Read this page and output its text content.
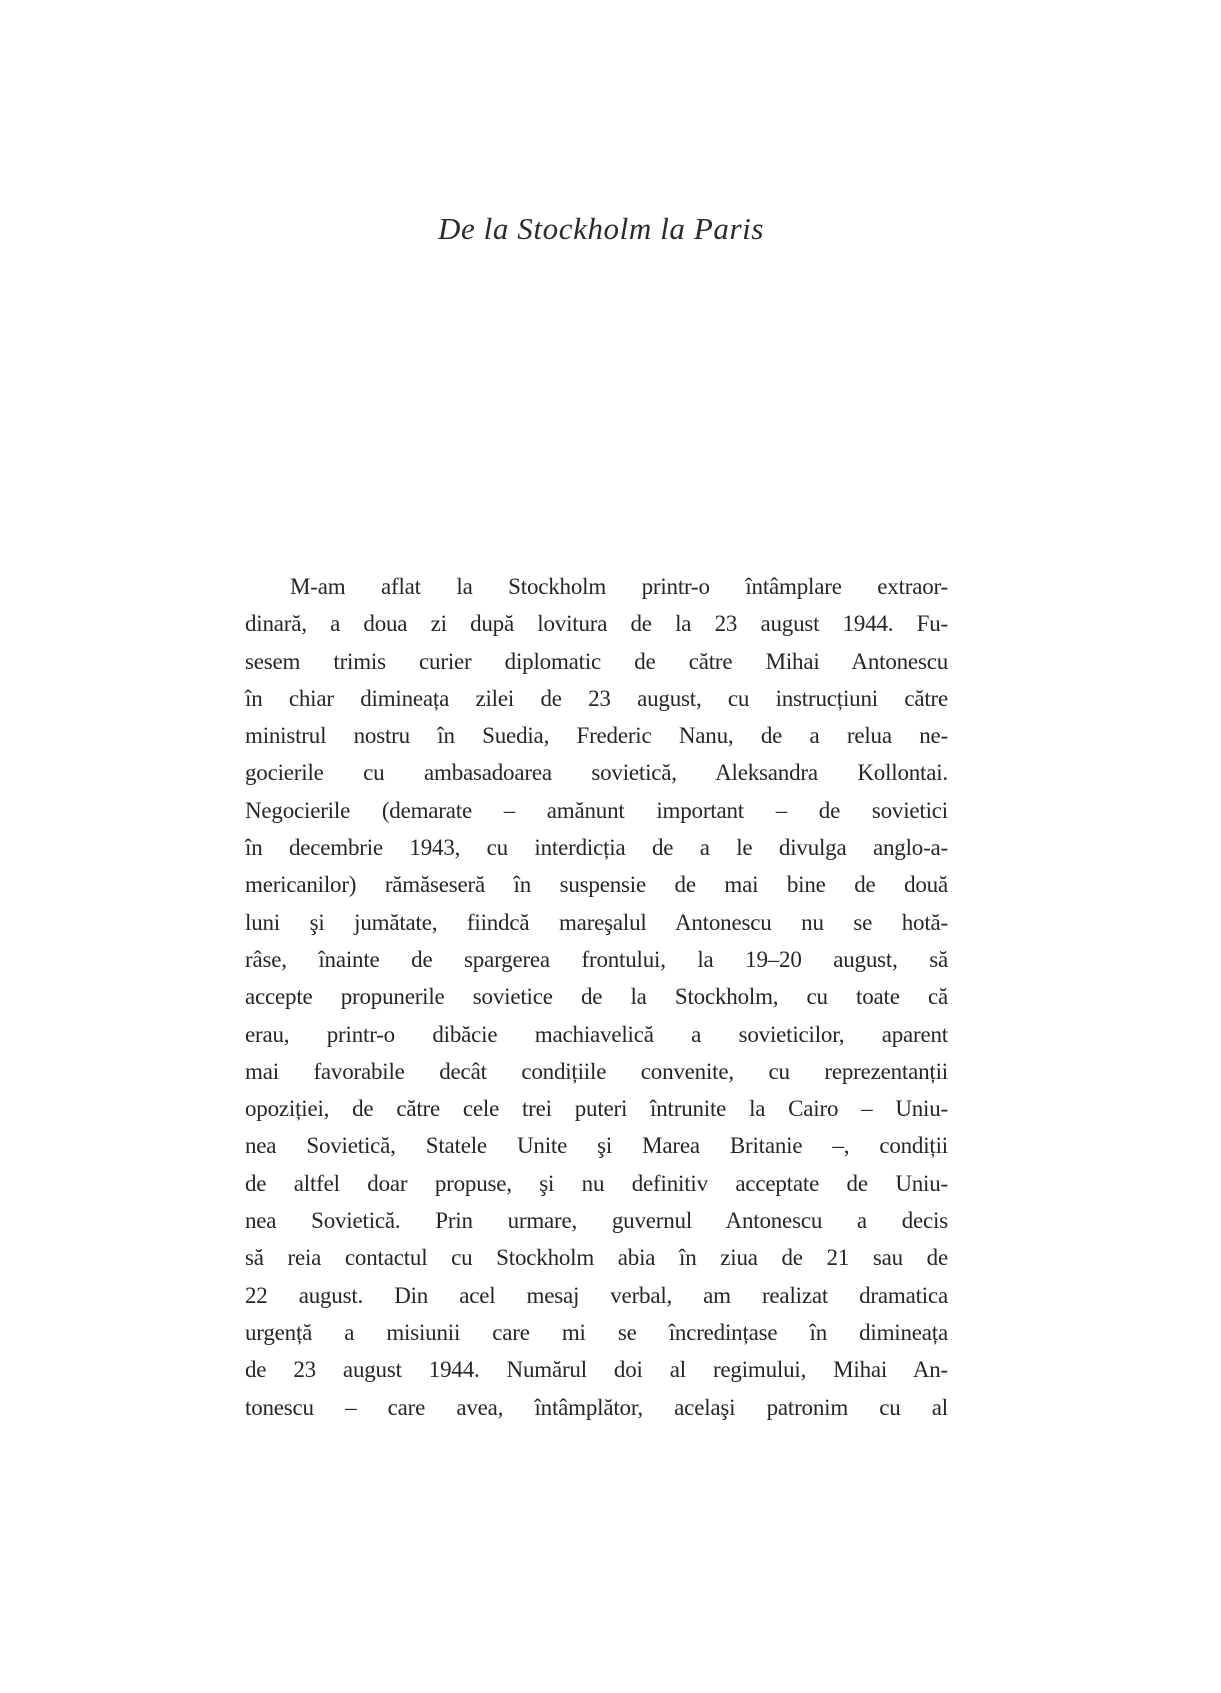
De la Stockholm la Paris
M-am aflat la Stockholm printr-o întâmplare extraor-
dinară, a doua zi după lovitura de la 23 august 1944. Fu-
sesem trimis curier diplomatic de către Mihai Antonescu
în chiar dimineața zilei de 23 august, cu instrucțiuni către
ministrul nostru în Suedia, Frederic Nanu, de a relua ne-
gocierile cu ambasadoarea sovietică, Aleksandra Kollontai.
Negocierile (demarate – amănunt important – de sovietici
în decembrie 1943, cu interdicția de a le divulga anglo-a-
mericanilor) rămăseseră în suspensie de mai bine de două
luni şi jumătate, fiindcă mareşalul Antonescu nu se hotă-
râse, înainte de spargerea frontului, la 19–20 august, să
accepte propunerile sovietice de la Stockholm, cu toate că
erau, printr-o dibăcie machiavelică a sovieticilor, aparent
mai favorabile decât condițiile convenite, cu reprezentanții
opoziției, de către cele trei puteri întrunite la Cairo – Uniu-
nea Sovietică, Statele Unite şi Marea Britanie –, condiții
de altfel doar propuse, şi nu definitiv acceptate de Uniu-
nea Sovietică. Prin urmare, guvernul Antonescu a decis
să reia contactul cu Stockholm abia în ziua de 21 sau de
22 august. Din acel mesaj verbal, am realizat dramatica
urgență a misiunii care mi se încredințase în dimineața
de 23 august 1944. Numărul doi al regimului, Mihai An-
tonescu – care avea, întâmplător, acelaşi patronim cu al
